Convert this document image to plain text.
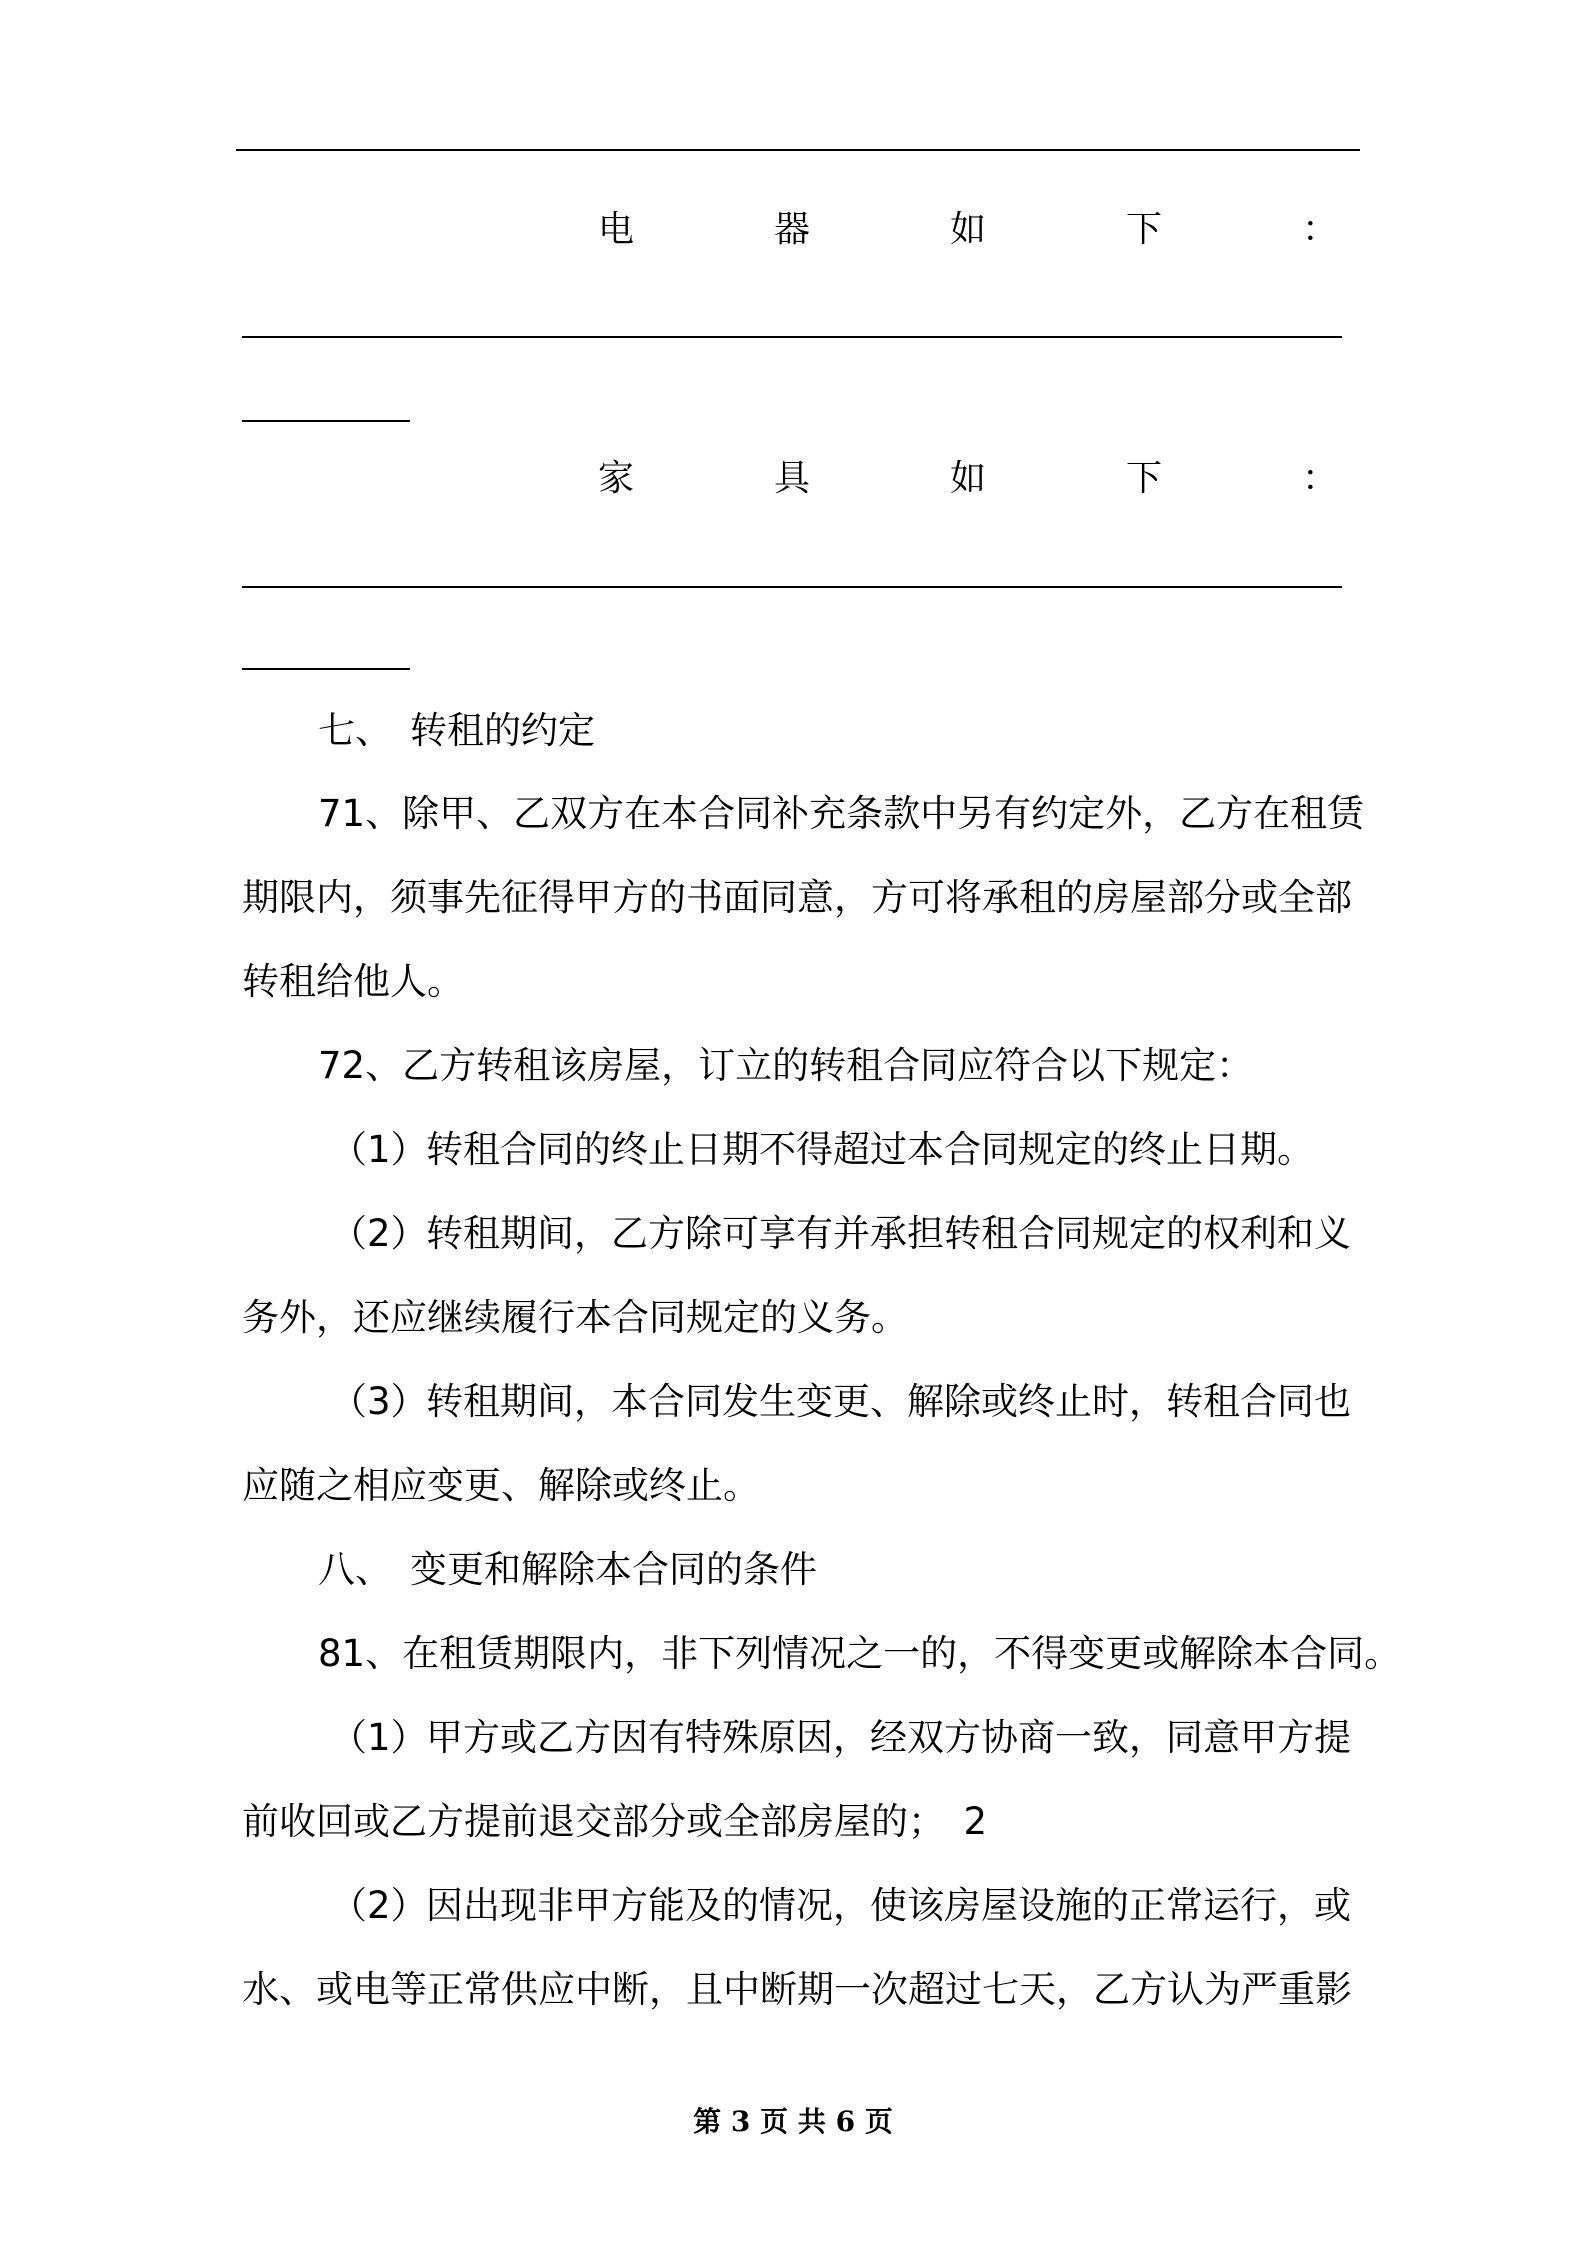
电	器	如	下	：
家	具	如	下	：
七、 转租的约定
7 1 、 除 甲 、 乙 双 方 在 本 合 同 补 充 条 款 中 另 有 约 定 外 ， 乙 方 在 租 赁
期 限 内 ， 须 事 先 征 得 甲 方 的 书 面 同 意 ， 方 可 将 承 租 的 房 屋 部 分 或 全 部
转租给他人。
72、乙方转租该房屋，订立的转租合同应符合以下规定：
（1）转租合同的终止日期不得超过本合同规定的终止日期。
（2）转租期间，乙方除可享有并承担转租合同规定的权利和义
务外，还应继续履行本合同规定的义务。
（3）转租期间，本合同发生变更、解除或终止时，转租合同也
应随之相应变更、解除或终止。
八、 变更和解除本合同的条件
81、在租赁期限内，非下列情况之一的，不得变更或解除本合同。
（1）甲方或乙方因有特殊原因，经双方协商一致，同意甲方提
前收回或乙方提前退交部分或全部房屋的；　2
（2）因出现非甲方能及的情况，使该房屋设施的正常运行，或
水 、 或 电 等 正 常 供 应 中 断 ， 且 中 断 期 一 次 超 过 七 天 ， 乙 方 认 为 严 重 影
第 3 页 共 6 页
